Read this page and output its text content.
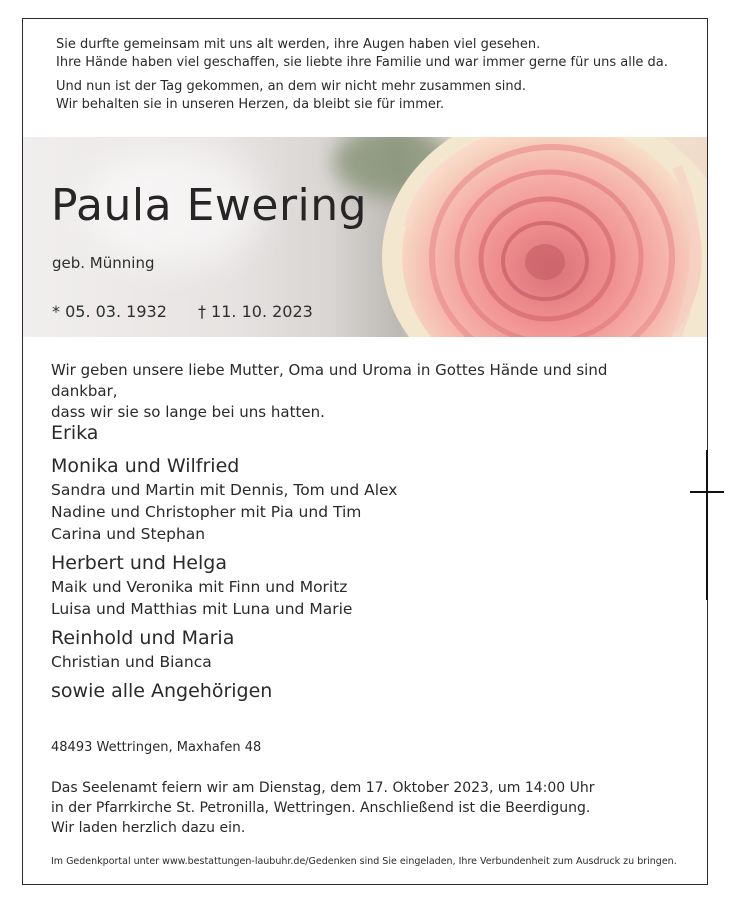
Sie durfte gemeinsam mit uns alt werden, ihre Augen haben viel gesehen.
Ihre Hände haben viel geschaffen, sie liebte ihre Familie und war immer gerne für uns alle da.
Und nun ist der Tag gekommen, an dem wir nicht mehr zusammen sind.
Wir behalten sie in unseren Herzen, da bleibt sie für immer.
Paula Ewering
geb. Münning
* 05. 03. 1932 † 11. 10. 2023
Wir geben unsere liebe Mutter, Oma und Uroma in Gottes Hände und sind dankbar,
dass wir sie so lange bei uns hatten.
Erika
Monika und Wilfried
Sandra und Martin mit Dennis, Tom und Alex
Nadine und Christopher mit Pia und Tim
Carina und Stephan
Herbert und Helga
Maik und Veronika mit Finn und Moritz
Luisa und Matthias mit Luna und Marie
Reinhold und Maria
Christian und Bianca
sowie alle Angehörigen
48493 Wettringen, Maxhafen 48
Das Seelenamt feiern wir am Dienstag, dem 17. Oktober 2023, um 14:00 Uhr
in der Pfarrkirche St. Petronilla, Wettringen. Anschließend ist die Beerdigung.
Wir laden herzlich dazu ein.
Im Gedenkportal unter www.bestattungen-laubuhr.de/Gedenken sind Sie eingeladen, Ihre Verbundenheit zum Ausdruck zu bringen.
